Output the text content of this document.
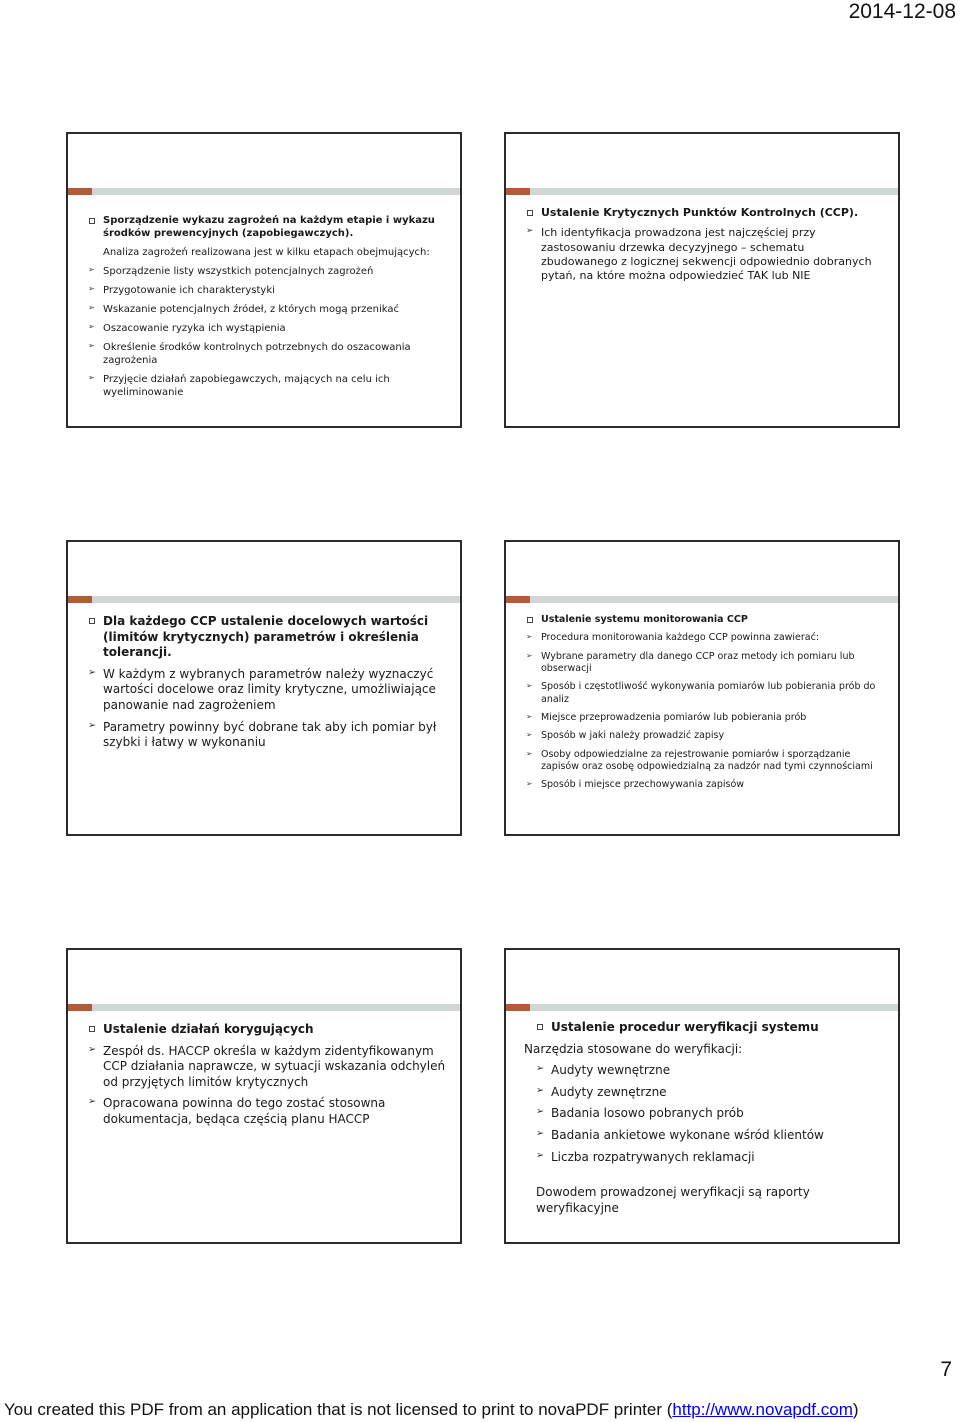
2014-12-08
Sporządzenie wykazu zagrożeń na każdym etapie i wykazu środków prewencyjnych (zapobiegawczych).
Analiza zagrożeń realizowana jest w kilku etapach obejmujących:
➢ Sporządzenie listy wszystkich potencjalnych zagrożeń
➢ Przygotowanie ich charakterystyki
➢ Wskazanie potencjalnych źródeł, z których mogą przenikać
➢ Oszacowanie ryzyka ich wystąpienia
➢ Określenie środków kontrolnych potrzebnych do oszacowania zagrożenia
➢ Przyjęcie działań zapobiegawczych, mających na celu ich wyeliminowanie
Ustalenie Krytycznych Punktów Kontrolnych (CCP).
➢ Ich identyfikacja prowadzona jest najczęściej przy zastosowaniu drzewka decyzyjnego – schematu zbudowanego z logicznej sekwencji odpowiednio dobranych pytań, na które można odpowiedzieć TAK lub NIE
Dla każdego CCP ustalenie docelowych wartości (limitów krytycznych) parametrów i określenia tolerancji.
➢ W każdym z wybranych parametrów należy wyznaczyć wartości docelowe oraz limity krytyczne, umożliwiające panowanie nad zagrożeniem
➢ Parametry powinny być dobrane tak aby ich pomiar był szybki i łatwy w wykonaniu
Ustalenie systemu monitorowania CCP
➢ Procedura monitorowania każdego CCP powinna zawierać:
➢ Wybrane parametry dla danego CCP oraz metody ich pomiaru lub obserwacji
➢ Sposób i częstotliwość wykonywania pomiarów lub pobierania prób do analiz
➢ Miejsce przeprowadzenia pomiarów lub pobierania prób
➢ Sposób w jaki należy prowadzić zapisy
➢ Osoby odpowiedzialne za rejestrowanie pomiarów i sporządzanie zapisów oraz osobę odpowiedzialną za nadzór nad tymi czynnościami
➢ Sposób i miejsce przechowywania zapisów
Ustalenie działań korygujących
➢ Zespół ds. HACCP określa w każdym zidentyfikowanym CCP działania naprawcze, w sytuacji wskazania odchyleń od przyjętych limitów krytycznych
➢ Opracowana powinna do tego zostać stosowna dokumentacja, będąca częścią planu HACCP
Ustalenie procedur weryfikacji systemu
Narzędzia stosowane do weryfikacji:
➢ Audyty wewnętrzne
➢ Audyty zewnętrzne
➢ Badania losowo pobranych prób
➢ Badania ankietowe wykonane wśród klientów
➢ Liczba rozpatrywanych reklamacji
Dowodem prowadzonej weryfikacji są raporty weryfikacyjne
7
You created this PDF from an application that is not licensed to print to novaPDF printer (http://www.novapdf.com)
